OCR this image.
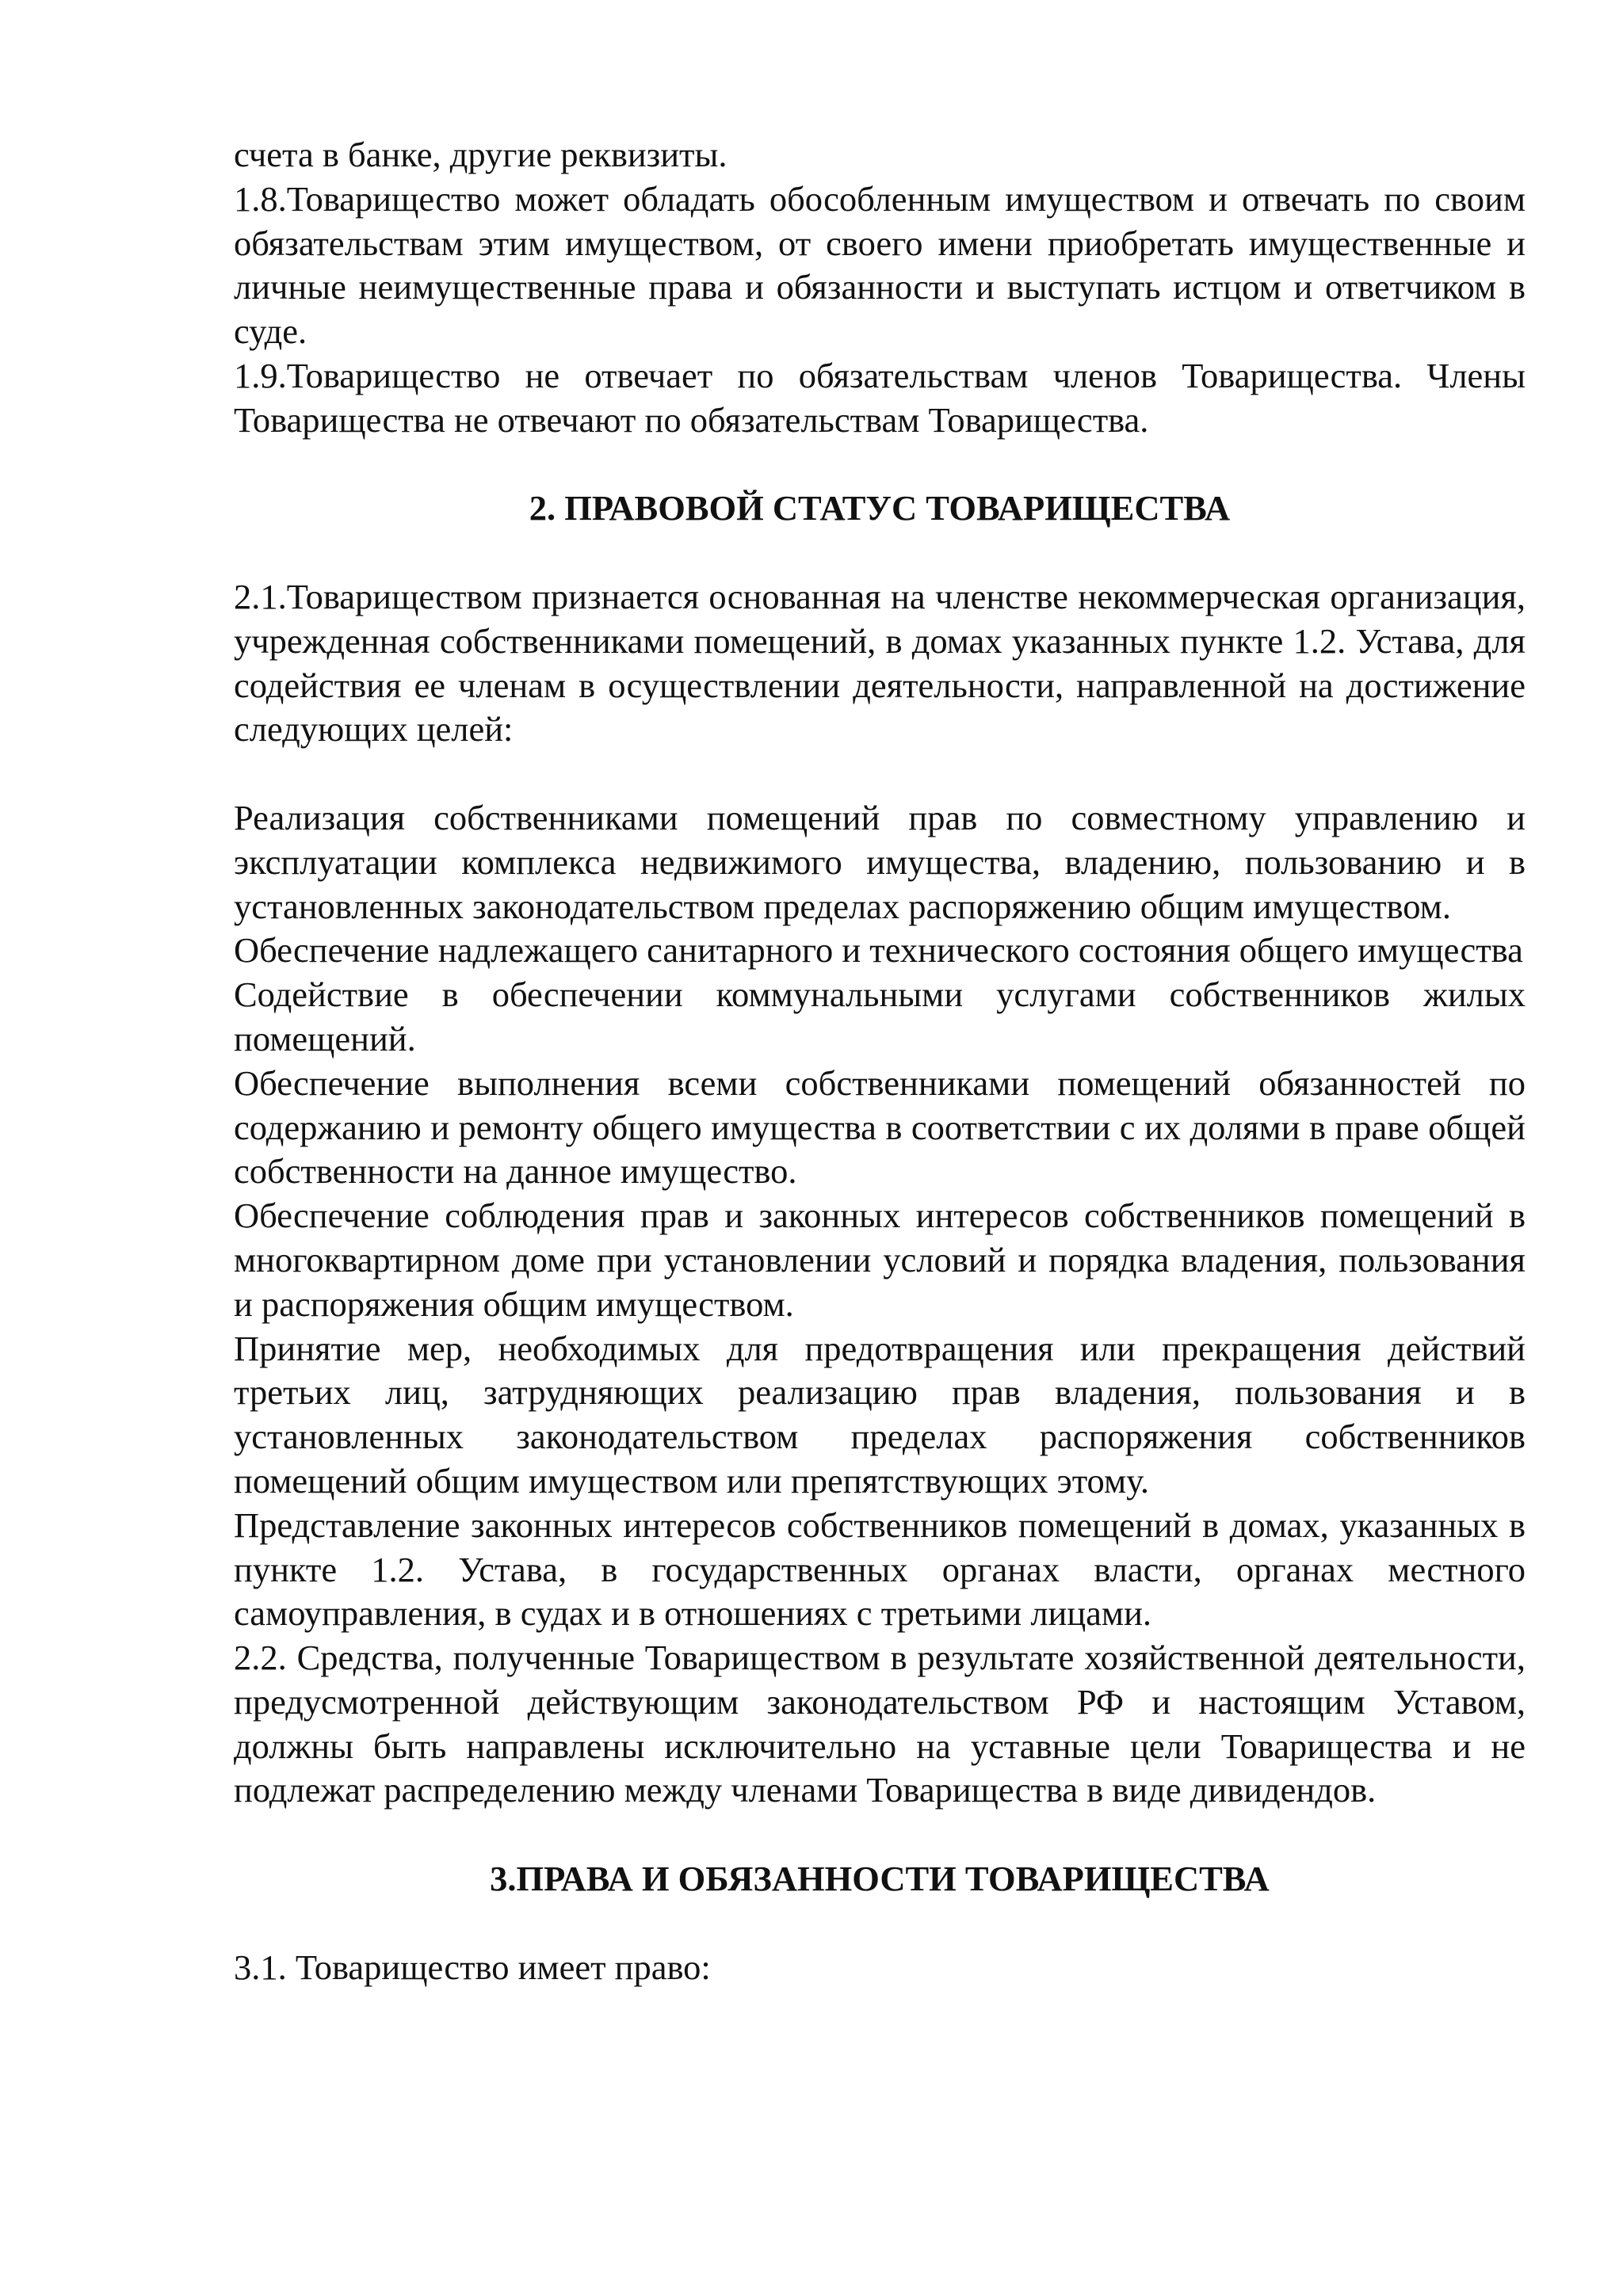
счета в банке, другие реквизиты.

1.8.Товарищество может обладать обособленным имуществом и отвечать по своим обязательствам этим имуществом, от своего имени приобретать имущественные и личные неимущественные права и обязанности и выступать истцом и ответчиком в суде.

1.9.Товарищество не отвечает по обязательствам членов Товарищества. Члены Товарищества не отвечают по обязательствам Товарищества.

2. ПРАВОВОЙ СТАТУС ТОВАРИЩЕСТВА

2.1.Товариществом признается основанная на членстве некоммерческая организация, учрежденная собственниками помещений, в домах указанных пункте 1.2. Устава, для содействия ее членам в осуществлении деятельности, направленной на достижение следующих целей:

Реализация собственниками помещений прав по совместному управлению и эксплуатации комплекса недвижимого имущества, владению, пользованию и в установленных законодательством пределах распоряжению общим имуществом.

Обеспечение надлежащего санитарного и технического состояния общего имущества

Содействие в обеспечении коммунальными услугами собственников жилых помещений.

Обеспечение выполнения всеми собственниками помещений обязанностей по содержанию и ремонту общего имущества в соответствии с их долями в праве общей собственности на данное имущество.

Обеспечение соблюдения прав и законных интересов собственников помещений в многоквартирном доме при установлении условий и порядка владения, пользования и распоряжения общим имуществом.

Принятие мер, необходимых для предотвращения или прекращения действий третьих лиц, затрудняющих реализацию прав владения, пользования и в установленных законодательством пределах распоряжения собственников помещений общим имуществом или препятствующих этому.

Представление законных интересов собственников помещений в домах, указанных в пункте 1.2. Устава, в государственных органах власти, органах местного самоуправления, в судах и в отношениях с третьими лицами.

2.2. Средства, полученные Товариществом в результате хозяйственной деятельности, предусмотренной действующим законодательством РФ и настоящим Уставом, должны быть направлены исключительно на уставные цели Товарищества и не подлежат распределению между членами Товарищества в виде дивидендов.

3.ПРАВА И ОБЯЗАННОСТИ ТОВАРИЩЕСТВА

3.1. Товарищество имеет право:
